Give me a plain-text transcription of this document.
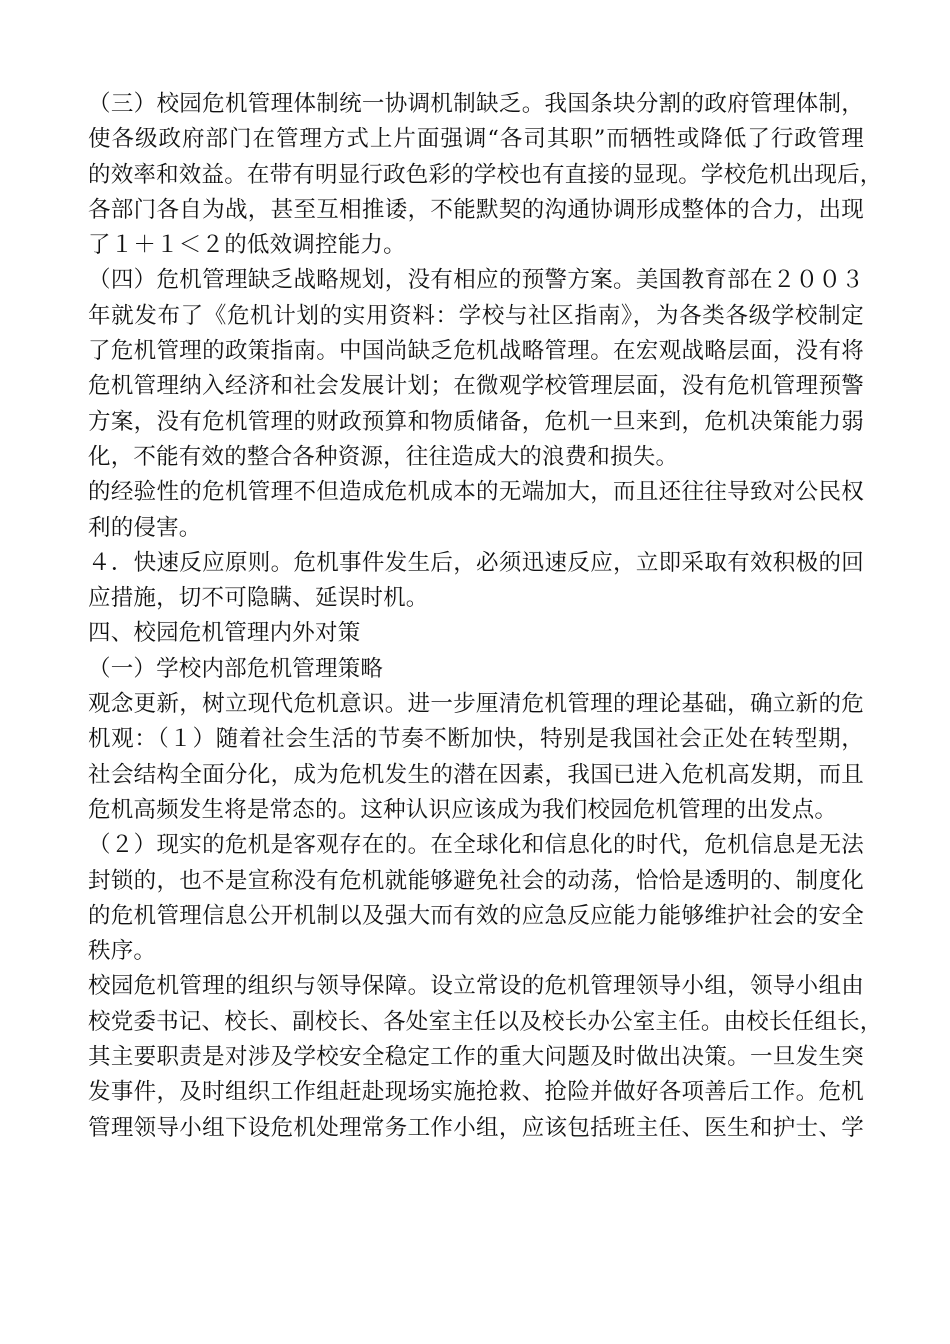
（三）校园危机管理体制统一协调机制缺乏。我国条块分割的政府管理体制，
使各级政府部门在管理方式上片面强调“各司其职”而牺牲或降低了行政管理
的效率和效益。在带有明显行政色彩的学校也有直接的显现。学校危机出现后，
各部门各自为战，甚至互相推诿，不能默契的沟通协调形成整体的合力，出现
了１＋１＜２的低效调控能力。
（四）危机管理缺乏战略规划，没有相应的预警方案。美国教育部在２００３
年就发布了《危机计划的实用资料：学校与社区指南》，为各类各级学校制定
了危机管理的政策指南。中国尚缺乏危机战略管理。在宏观战略层面，没有将
危机管理纳入经济和社会发展计划；在微观学校管理层面，没有危机管理预警
方案，没有危机管理的财政预算和物质储备，危机一旦来到，危机决策能力弱
化，不能有效的整合各种资源，往往造成大的浪费和损失。
的经验性的危机管理不但造成危机成本的无端加大，而且还往往导致对公民权
利的侵害。
４．快速反应原则。危机事件发生后，必须迅速反应，立即采取有效积极的回
应措施，切不可隐瞒、延误时机。
四、校园危机管理内外对策
（一）学校内部危机管理策略
观念更新，树立现代危机意识。进一步厘清危机管理的理论基础，确立新的危
机观：（１）随着社会生活的节奏不断加快，特别是我国社会正处在转型期，
社会结构全面分化，成为危机发生的潜在因素，我国已进入危机高发期，而且
危机高频发生将是常态的。这种认识应该成为我们校园危机管理的出发点。
（２）现实的危机是客观存在的。在全球化和信息化的时代，危机信息是无法
封锁的，也不是宣称没有危机就能够避免社会的动荡，恰恰是透明的、制度化
的危机管理信息公开机制以及强大而有效的应急反应能力能够维护社会的安全
秩序。
校园危机管理的组织与领导保障。设立常设的危机管理领导小组，领导小组由
校党委书记、校长、副校长、各处室主任以及校长办公室主任。由校长任组长，
其主要职责是对涉及学校安全稳定工作的重大问题及时做出决策。一旦发生突
发事件，及时组织工作组赶赴现场实施抢救、抢险并做好各项善后工作。危机
管理领导小组下设危机处理常务工作小组，应该包括班主任、医生和护士、学
